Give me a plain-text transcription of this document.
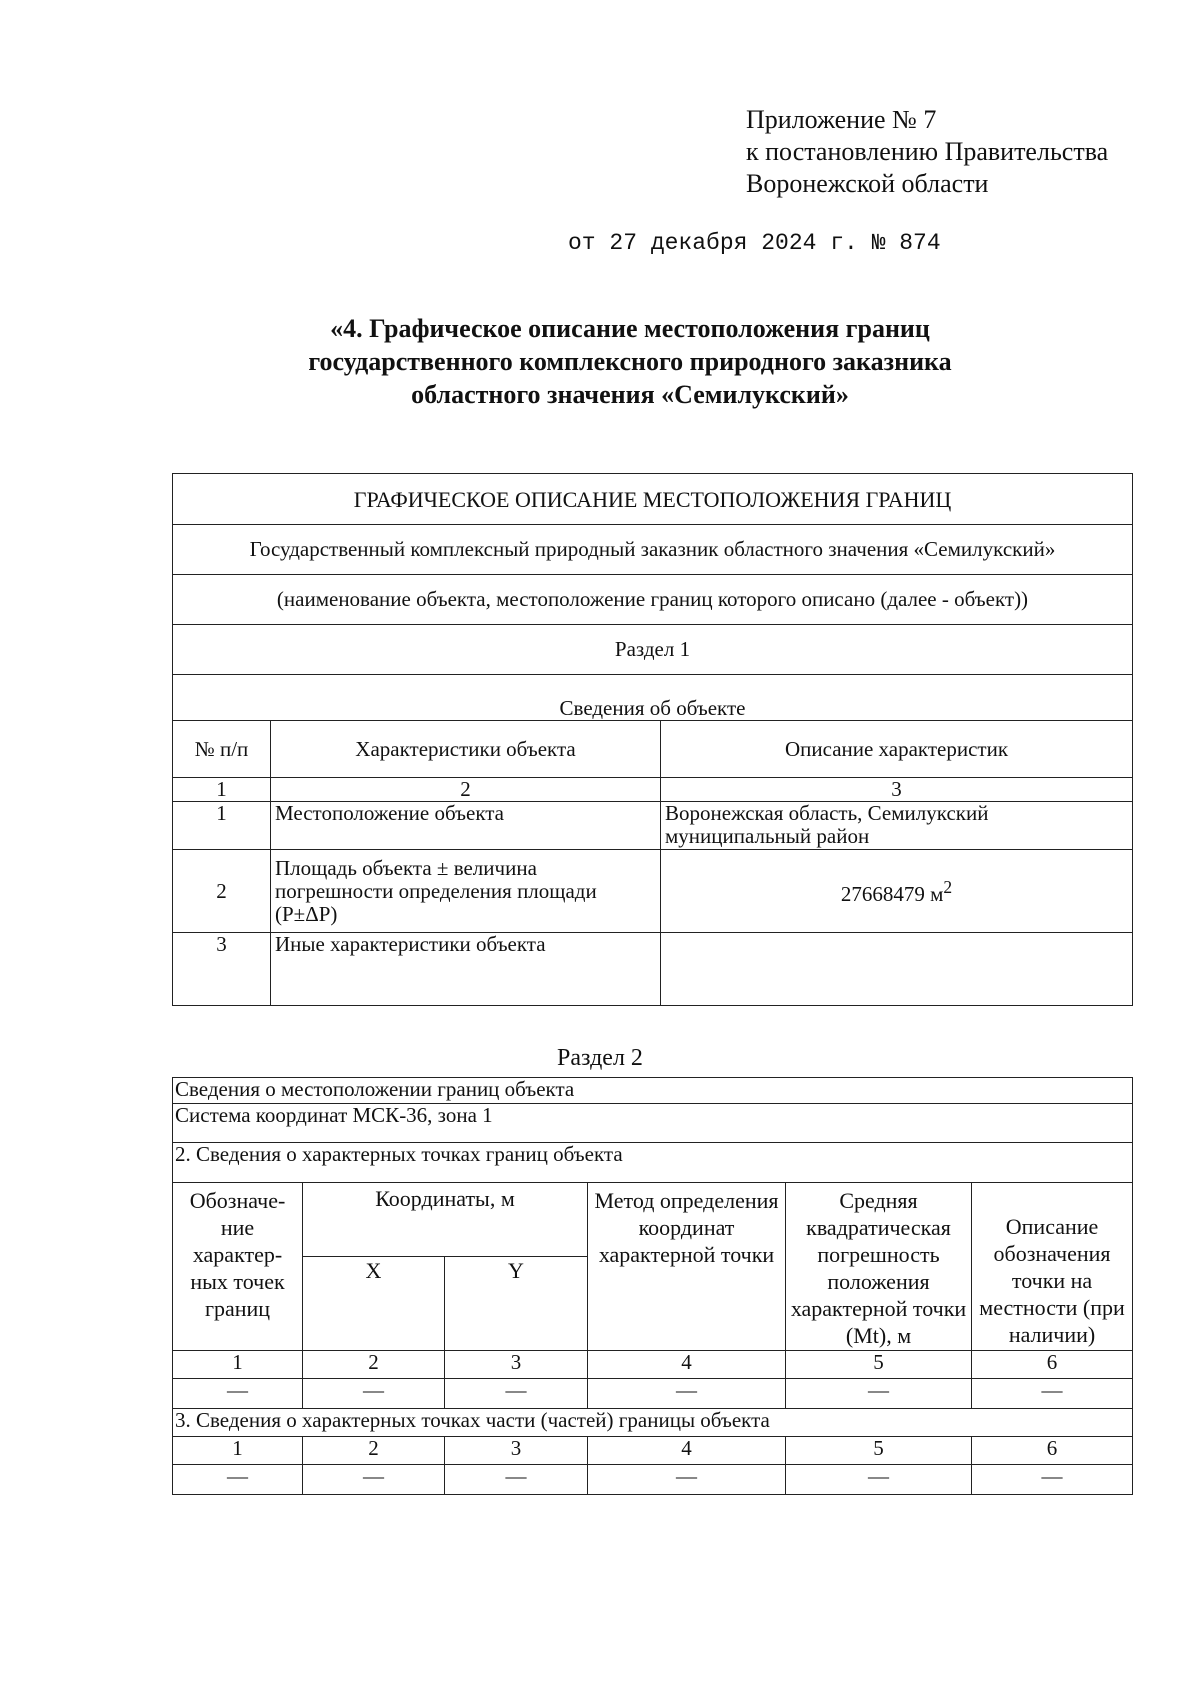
Приложение № 7
к постановлению Правительства
Воронежской области
от 27 декабря 2024 г. № 874
«4. Графическое описание местоположения границ
государственного комплексного природного заказника
областного значения «Семилукский»
ГРАФИЧЕСКОЕ ОПИСАНИЕ МЕСТОПОЛОЖЕНИЯ ГРАНИЦ		
Государственный комплексный природный заказник областного значения «Семилукский»		
(наименование объекта, местоположение границ которого описано (далее - объект))		
Раздел 1		
Сведения об объекте		
№ п/п	Характеристики объекта	Описание характеристик
1	2	3
1	Местоположение объекта	Воронежская область, Семилукский муниципальный район
2	Площадь объекта ± величина погрешности определения площади (P±ΔP)	27668479 $м^2$
3	Иные характеристики объекта	
Раздел 2
Сведения о местоположении границ объекта					
Система координат МСК-36, зона 1					
2. Сведения о характерных точках границ объекта					
Обозначе-ние характер-ных точек границ	Координаты, м		Метод определения координат характерной точки	Средняя квадратическая погрешность положения характерной точки (Mt), м	Описание обозначения точки на местности (при наличии)
	X	Y			
1	2	3	4	5	6
—	—	—	—	—	—
3. Сведения о характерных точках части (частей) границы объекта					
1	2	3	4	5	6
—	—	—	—	—	—
